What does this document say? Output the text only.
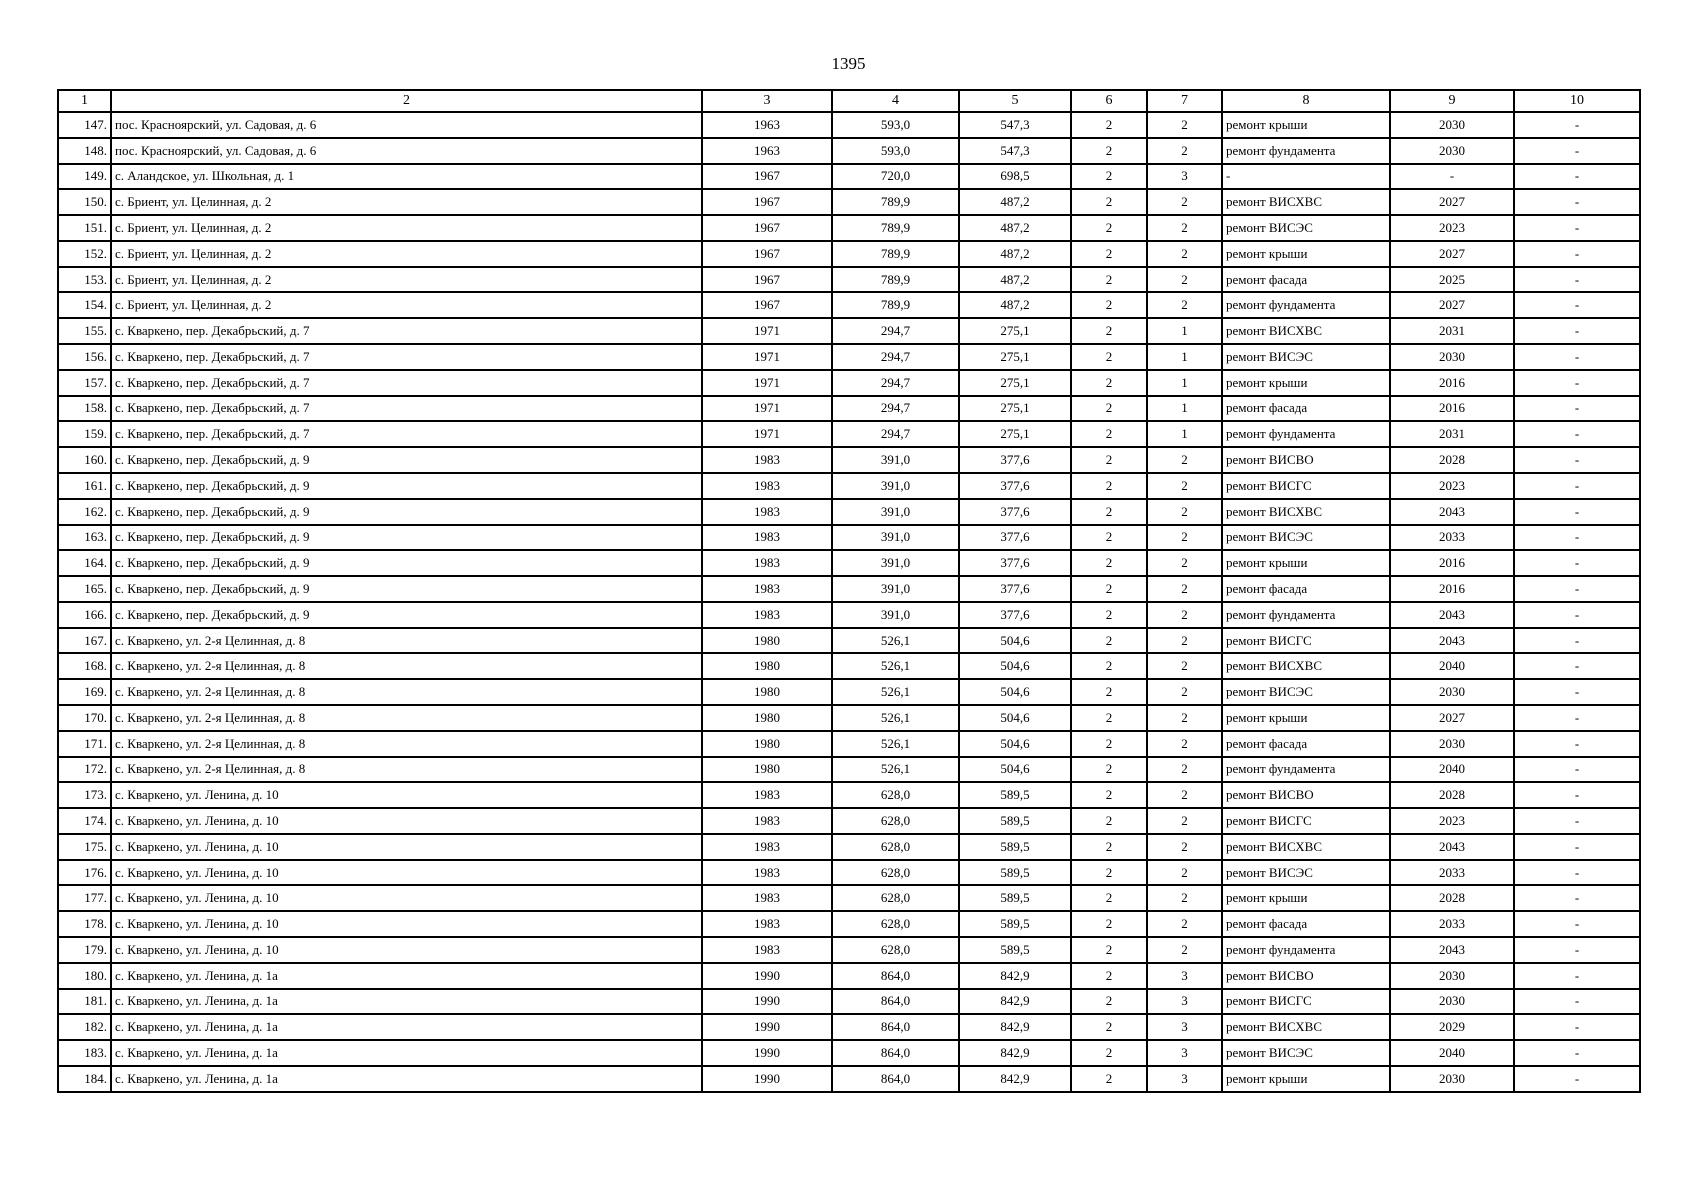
1395
1	2	3	4	5	6	7	8	9	10
147.	пос. Красноярский, ул. Садовая, д. 6	1963	593,0	547,3	2	2	ремонт крыши	2030	-
148.	пос. Красноярский, ул. Садовая, д. 6	1963	593,0	547,3	2	2	ремонт фундамента	2030	-
149.	с. Аландское, ул. Школьная, д. 1	1967	720,0	698,5	2	3	-	-	-
150.	с. Бриент, ул. Целинная, д. 2	1967	789,9	487,2	2	2	ремонт ВИСХВС	2027	-
151.	с. Бриент, ул. Целинная, д. 2	1967	789,9	487,2	2	2	ремонт ВИСЭС	2023	-
152.	с. Бриент, ул. Целинная, д. 2	1967	789,9	487,2	2	2	ремонт крыши	2027	-
153.	с. Бриент, ул. Целинная, д. 2	1967	789,9	487,2	2	2	ремонт фасада	2025	-
154.	с. Бриент, ул. Целинная, д. 2	1967	789,9	487,2	2	2	ремонт фундамента	2027	-
155.	с. Кваркено, пер. Декабрьский, д. 7	1971	294,7	275,1	2	1	ремонт ВИСХВС	2031	-
156.	с. Кваркено, пер. Декабрьский, д. 7	1971	294,7	275,1	2	1	ремонт ВИСЭС	2030	-
157.	с. Кваркено, пер. Декабрьский, д. 7	1971	294,7	275,1	2	1	ремонт крыши	2016	-
158.	с. Кваркено, пер. Декабрьский, д. 7	1971	294,7	275,1	2	1	ремонт фасада	2016	-
159.	с. Кваркено, пер. Декабрьский, д. 7	1971	294,7	275,1	2	1	ремонт фундамента	2031	-
160.	с. Кваркено, пер. Декабрьский, д. 9	1983	391,0	377,6	2	2	ремонт ВИСВО	2028	-
161.	с. Кваркено, пер. Декабрьский, д. 9	1983	391,0	377,6	2	2	ремонт ВИСГС	2023	-
162.	с. Кваркено, пер. Декабрьский, д. 9	1983	391,0	377,6	2	2	ремонт ВИСХВС	2043	-
163.	с. Кваркено, пер. Декабрьский, д. 9	1983	391,0	377,6	2	2	ремонт ВИСЭС	2033	-
164.	с. Кваркено, пер. Декабрьский, д. 9	1983	391,0	377,6	2	2	ремонт крыши	2016	-
165.	с. Кваркено, пер. Декабрьский, д. 9	1983	391,0	377,6	2	2	ремонт фасада	2016	-
166.	с. Кваркено, пер. Декабрьский, д. 9	1983	391,0	377,6	2	2	ремонт фундамента	2043	-
167.	с. Кваркено, ул. 2-я Целинная, д. 8	1980	526,1	504,6	2	2	ремонт ВИСГС	2043	-
168.	с. Кваркено, ул. 2-я Целинная, д. 8	1980	526,1	504,6	2	2	ремонт ВИСХВС	2040	-
169.	с. Кваркено, ул. 2-я Целинная, д. 8	1980	526,1	504,6	2	2	ремонт ВИСЭС	2030	-
170.	с. Кваркено, ул. 2-я Целинная, д. 8	1980	526,1	504,6	2	2	ремонт крыши	2027	-
171.	с. Кваркено, ул. 2-я Целинная, д. 8	1980	526,1	504,6	2	2	ремонт фасада	2030	-
172.	с. Кваркено, ул. 2-я Целинная, д. 8	1980	526,1	504,6	2	2	ремонт фундамента	2040	-
173.	с. Кваркено, ул. Ленина, д. 10	1983	628,0	589,5	2	2	ремонт ВИСВО	2028	-
174.	с. Кваркено, ул. Ленина, д. 10	1983	628,0	589,5	2	2	ремонт ВИСГС	2023	-
175.	с. Кваркено, ул. Ленина, д. 10	1983	628,0	589,5	2	2	ремонт ВИСХВС	2043	-
176.	с. Кваркено, ул. Ленина, д. 10	1983	628,0	589,5	2	2	ремонт ВИСЭС	2033	-
177.	с. Кваркено, ул. Ленина, д. 10	1983	628,0	589,5	2	2	ремонт крыши	2028	-
178.	с. Кваркено, ул. Ленина, д. 10	1983	628,0	589,5	2	2	ремонт фасада	2033	-
179.	с. Кваркено, ул. Ленина, д. 10	1983	628,0	589,5	2	2	ремонт фундамента	2043	-
180.	с. Кваркено, ул. Ленина, д. 1а	1990	864,0	842,9	2	3	ремонт ВИСВО	2030	-
181.	с. Кваркено, ул. Ленина, д. 1а	1990	864,0	842,9	2	3	ремонт ВИСГС	2030	-
182.	с. Кваркено, ул. Ленина, д. 1а	1990	864,0	842,9	2	3	ремонт ВИСХВС	2029	-
183.	с. Кваркено, ул. Ленина, д. 1а	1990	864,0	842,9	2	3	ремонт ВИСЭС	2040	-
184.	с. Кваркено, ул. Ленина, д. 1а	1990	864,0	842,9	2	3	ремонт крыши	2030	-
